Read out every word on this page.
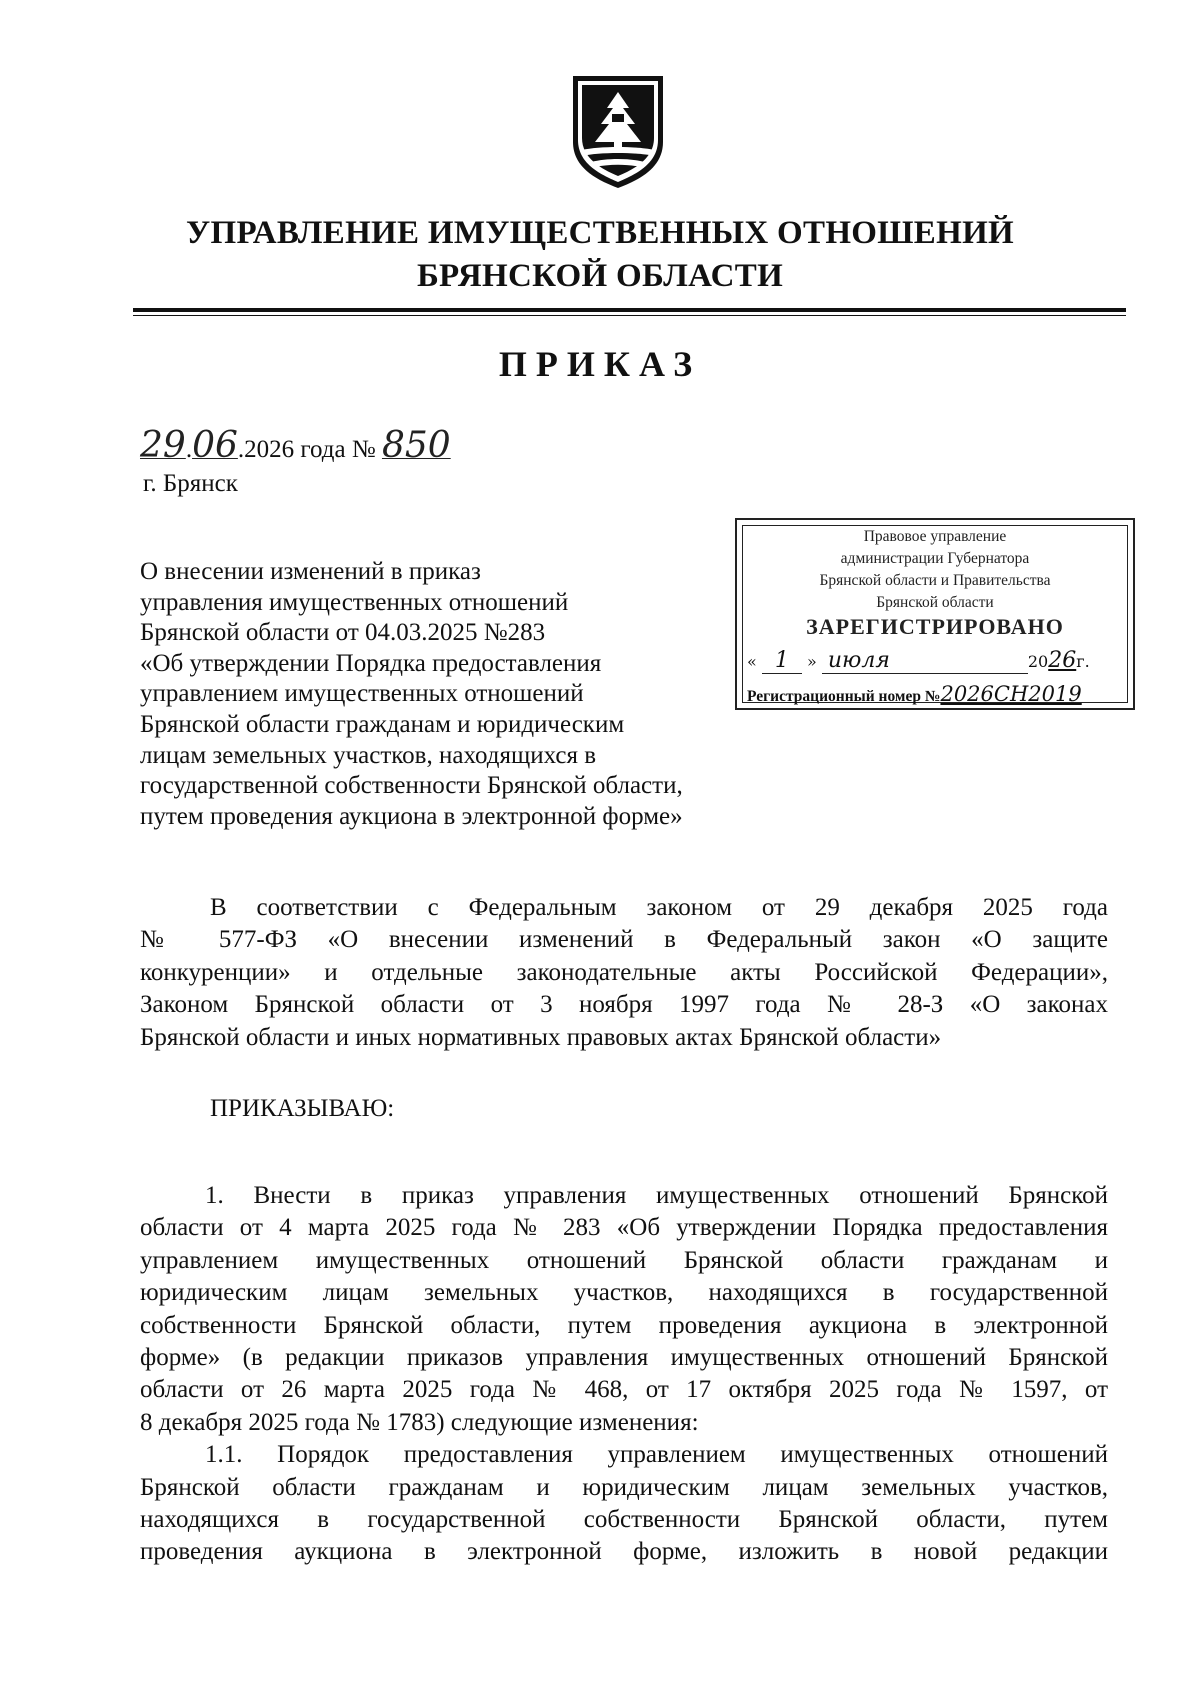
УПРАВЛЕНИЕ ИМУЩЕСТВЕННЫХ ОТНОШЕНИЙ
БРЯНСКОЙ ОБЛАСТИ
ПРИКАЗ
29.06.2026 года № 850
г. Брянск
О внесении изменений в приказ
управления имущественных отношений
Брянской области от 04.03.2025 №283
«Об утверждении Порядка предоставления
управлением имущественных отношений
Брянской области гражданам и юридическим
лицам земельных участков, находящихся в
государственной собственности Брянской области,
путем проведения аукциона в электронной форме»
Правовое управление
администрации Губернатора
Брянской области и Правительства
Брянской области
ЗАРЕГИСТРИРОВАНО
« 1 » июля	2026г.
Регистрационный номер №2026СН2019
В соответствии с Федеральным законом от 29 декабря 2025 года
№ 577-ФЗ «О внесении изменений в Федеральный закон «О защите
конкуренции» и отдельные законодательные акты Российской Федерации»,
Законом Брянской области от 3 ноября 1997 года № 28-З «О законах
Брянской области и иных нормативных правовых актах Брянской области»
ПРИКАЗЫВАЮ:
1. Внести в приказ управления имущественных отношений Брянской
области от 4 марта 2025 года № 283 «Об утверждении Порядка предоставления
управлением имущественных отношений Брянской области гражданам и
юридическим лицам земельных участков, находящихся в государственной
собственности Брянской области, путем проведения аукциона в электронной
форме» (в редакции приказов управления имущественных отношений Брянской
области от 26 марта 2025 года № 468, от 17 октября 2025 года № 1597, от
8 декабря 2025 года № 1783) следующие изменения:
1.1. Порядок предоставления управлением имущественных отношений
Брянской области гражданам и юридическим лицам земельных участков,
находящихся в государственной собственности Брянской области, путем
проведения аукциона в электронной форме, изложить в новой редакции
